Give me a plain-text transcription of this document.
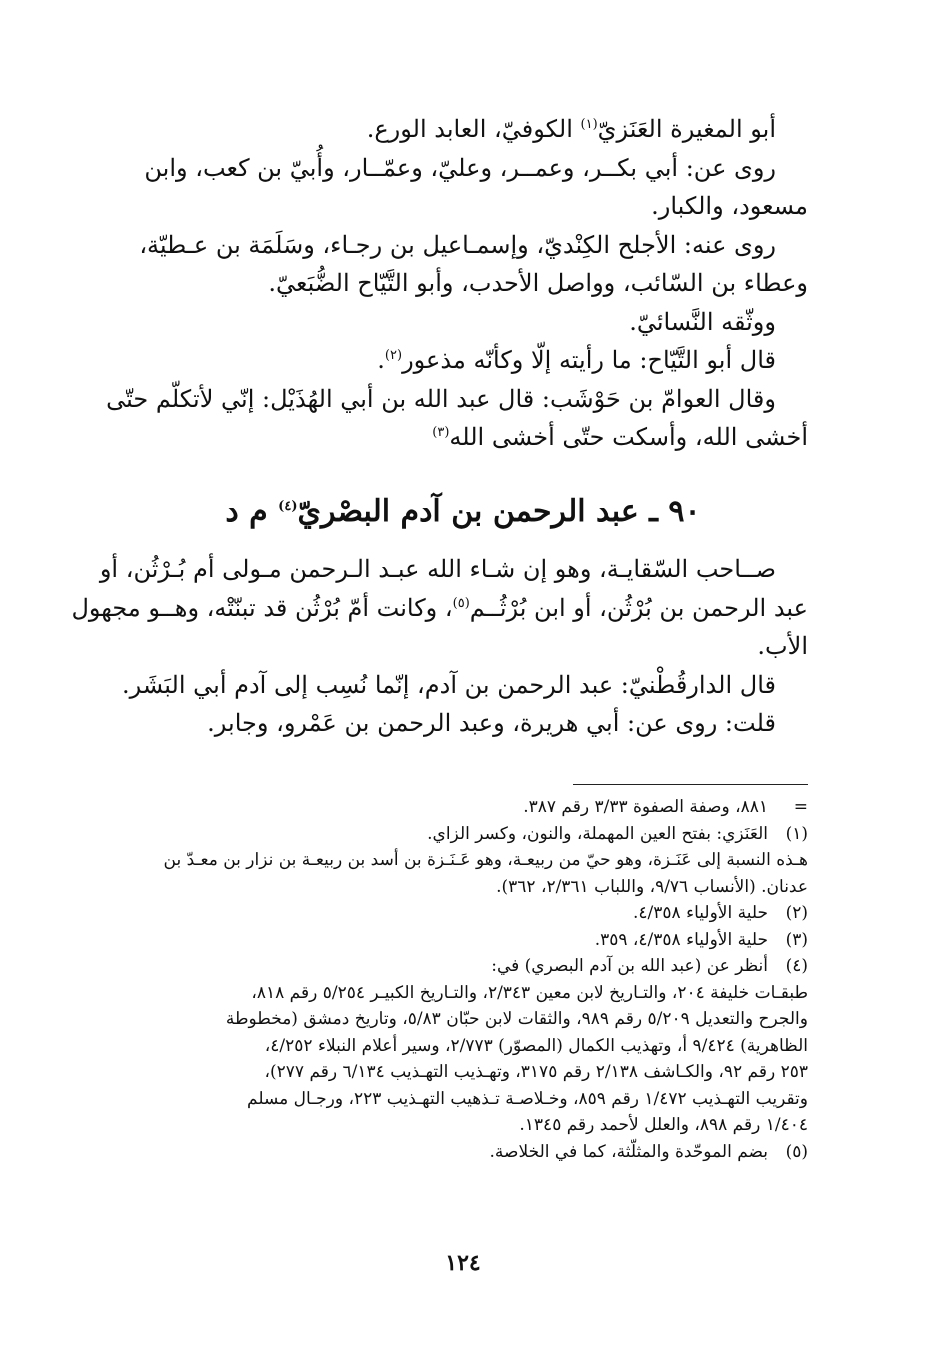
أبو المغيرة العَنَزيّ$^{(١)}$ الكوفيّ، العابد الورع.
روى عن: أبي بكــر، وعمــر، وعليّ، وعمّــار، وأُبيّ بن كعب، وابن
مسعود، والكبار.
روى عنه: الأجلح الكِنْديّ، وإسمـاعيل بن رجـاء، وسَلَمَة بن عـطيّة،
وعطاء بن السّائب، وواصل الأحدب، وأبو التَّيّاح الضُّبَعيّ.
ووثّقه النَّسائيّ.
قال أبو التَّيّاح: ما رأيته إلّا وكأنّه مذعور$^{(٢)}$.
وقال العوامّ بن حَوْشَب: قال عبد الله بن أبي الهُذَيْل: إنّي لأتكلّم حتّى
أخشى الله، وأسكت حتّى أخشى الله$^{(٣)}$
٩٠ ـ عبد الرحمن بن آدم البصْريّ$^{(٤)}$ م د
صــاحب السّقايـة، وهو إن شـاء الله عبـد الـرحمن مـولى أم بُـرْثُن، أو
عبد الرحمن بن بُرْثُن، أو ابن بُرْثُــم$^{(٥)}$، وكانت أمّ بُرْثُن قد تبنّتْه، وهــو مجهول
الأب.
قال الدارقُطْنيّ: عبد الرحمن بن آدم، إنّما نُسِب إلى آدم أبي البَشَر.
قلت: روى عن: أبي هريرة، وعبد الرحمن بن عَمْرو، وجابر.
=
٨٨١، وصفة الصفوة ٣/٣٣ رقم ٣٨٧.
(١)
العَنَزي: بفتح العين المهملة، والنون، وكسر الزاي.
هـذه النسبة إلى عَنَـزة، وهو حيّ من ربيعـة، وهو عَـنَـزة بن أسد بن ربيعـة بن نزار بن معـدّ بن
عدنان. (الأنساب ٩/٧٦، واللباب ٢/٣٦١، ٣٦٢).
(٢)
حلية الأولياء ٤/٣٥٨.
(٣)
حلية الأولياء ٤/٣٥٨، ٣٥٩.
(٤)
أنظر عن (عبد الله بن آدم البصري) في:
طبقـات خليفة ٢٠٤، والتـاريخ لابن معين ٢/٣٤٣، والتـاريخ الكبيـر ٥/٢٥٤ رقم ٨١٨،
والجرح والتعديل ٥/٢٠٩ رقم ٩٨٩، والثقات لابن حبّان ٥/٨٣، وتاريخ دمشق (مخطوطة
الظاهرية) ٩/٤٢٤ أ، وتهذيب الكمال (المصوّر) ٢/٧٧٣، وسير أعلام النبلاء ٤/٢٥٢،
٢٥٣ رقم ٩٢، والكـاشف ٢/١٣٨ رقم ٣١٧٥، وتهـذيب التهـذيب ٦/١٣٤ رقم ٢٧٧)،
وتقريب التهـذيب ١/٤٧٢ رقم ٨٥٩، وخـلاصـة تـذهيب التهـذيب ٢٢٣، ورجـال مسلم
١/٤٠٤ رقم ٨٩٨، والعلل لأحمد رقم ١٣٤٥.
(٥)
بضم الموحّدة والمثلّثة، كما في الخلاصة.
١٢٤
